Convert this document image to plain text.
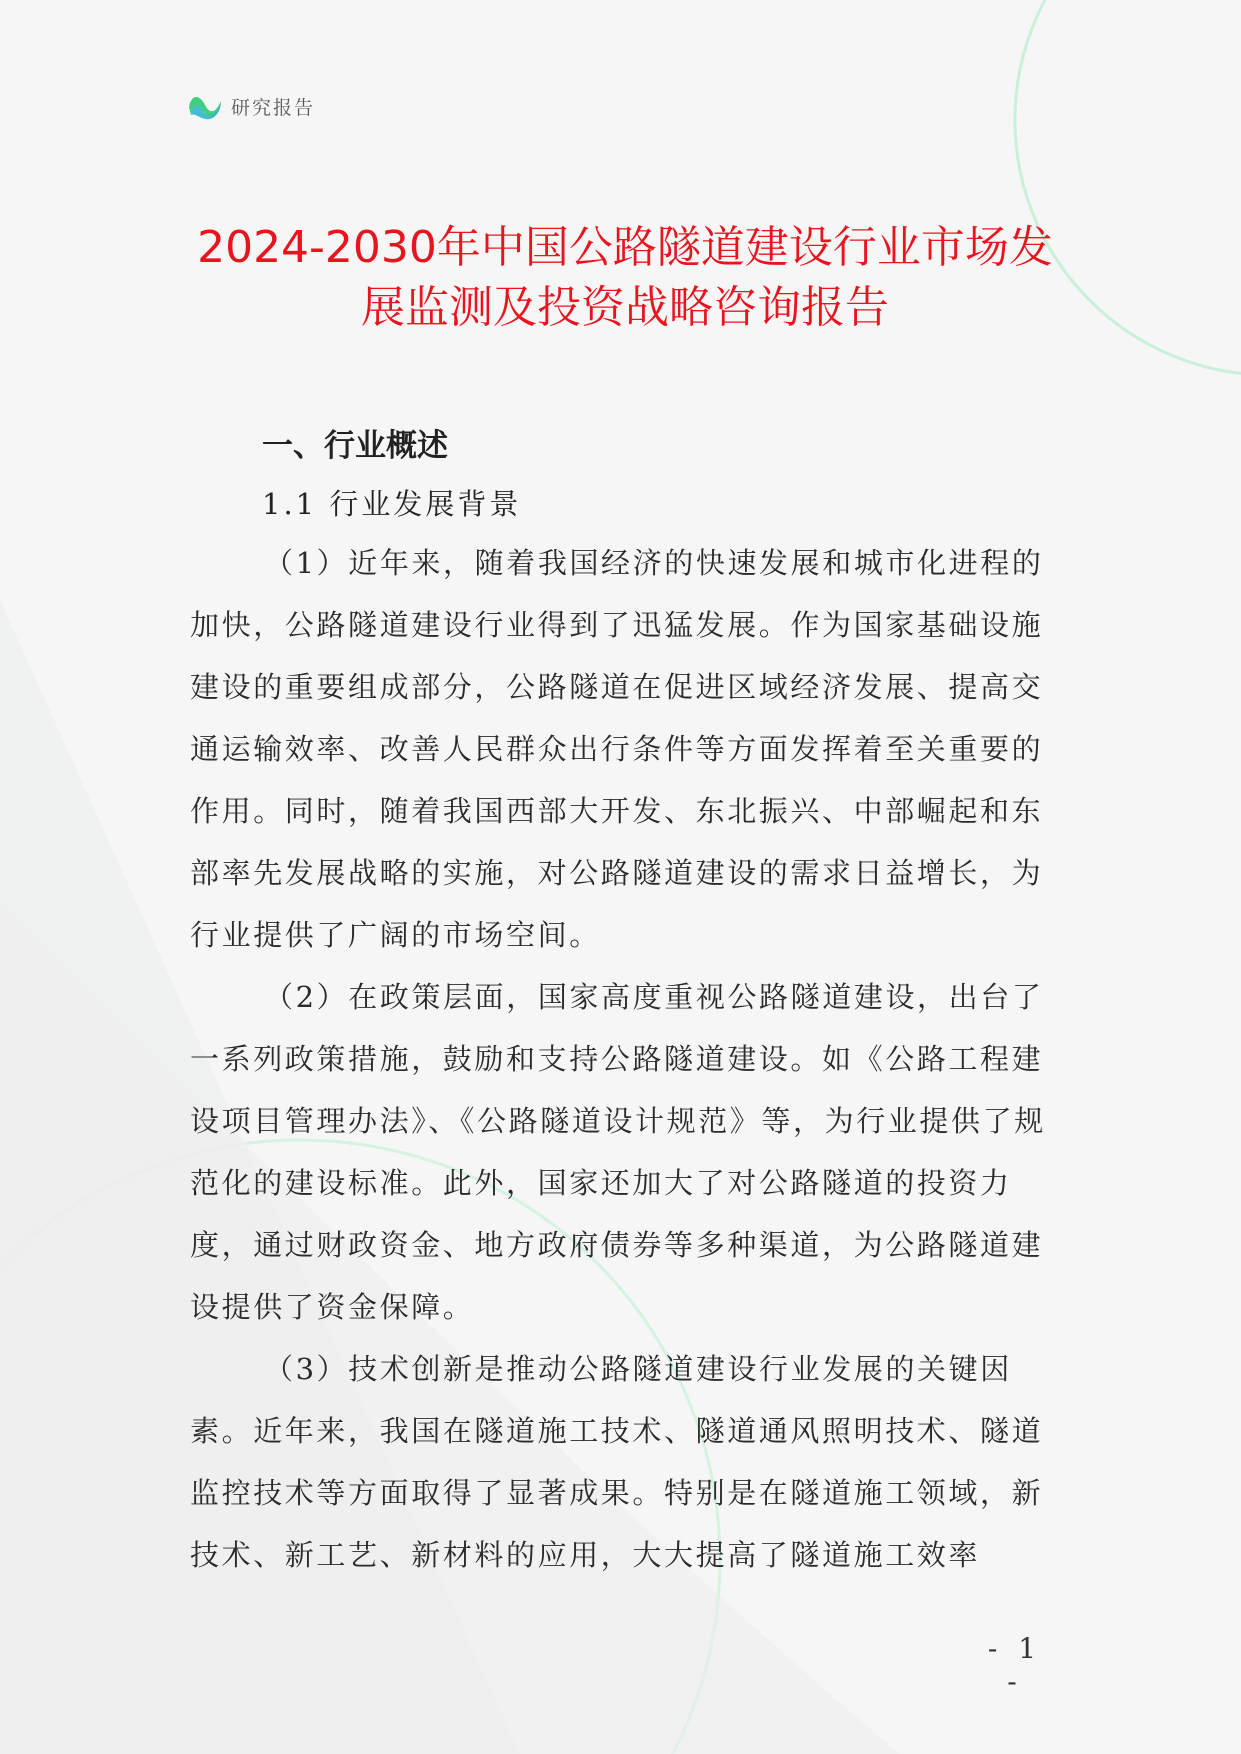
研究报告
2024-2030年中国公路隧道建设行业市场发展监测及投资战略咨询报告
一、行业概述
1.1 行业发展背景

（1）近年来，随着我国经济的快速发展和城市化进程的加快，公路隧道建设行业得到了迅猛发展。作为国家基础设施建设的重要组成部分，公路隧道在促进区域经济发展、提高交通运输效率、改善人民群众出行条件等方面发挥着至关重要的作用。同时，随着我国西部大开发、东北振兴、中部崛起和东部率先发展战略的实施，对公路隧道建设的需求日益增长，为行业提供了广阔的市场空间。

（2）在政策层面，国家高度重视公路隧道建设，出台了一系列政策措施，鼓励和支持公路隧道建设。如《公路工程建设项目管理办法》、《公路隧道设计规范》等，为行业提供了规范化的建设标准。此外，国家还加大了对公路隧道的投资力度，通过财政资金、地方政府债券等多种渠道，为公路隧道建设提供了资金保障。

（3）技术创新是推动公路隧道建设行业发展的关键因素。近年来，我国在隧道施工技术、隧道通风照明技术、隧道监控技术等方面取得了显著成果。特别是在隧道施工领域，新技术、新工艺、新材料的应用，大大提高了隧道施工效率

- 1 -
